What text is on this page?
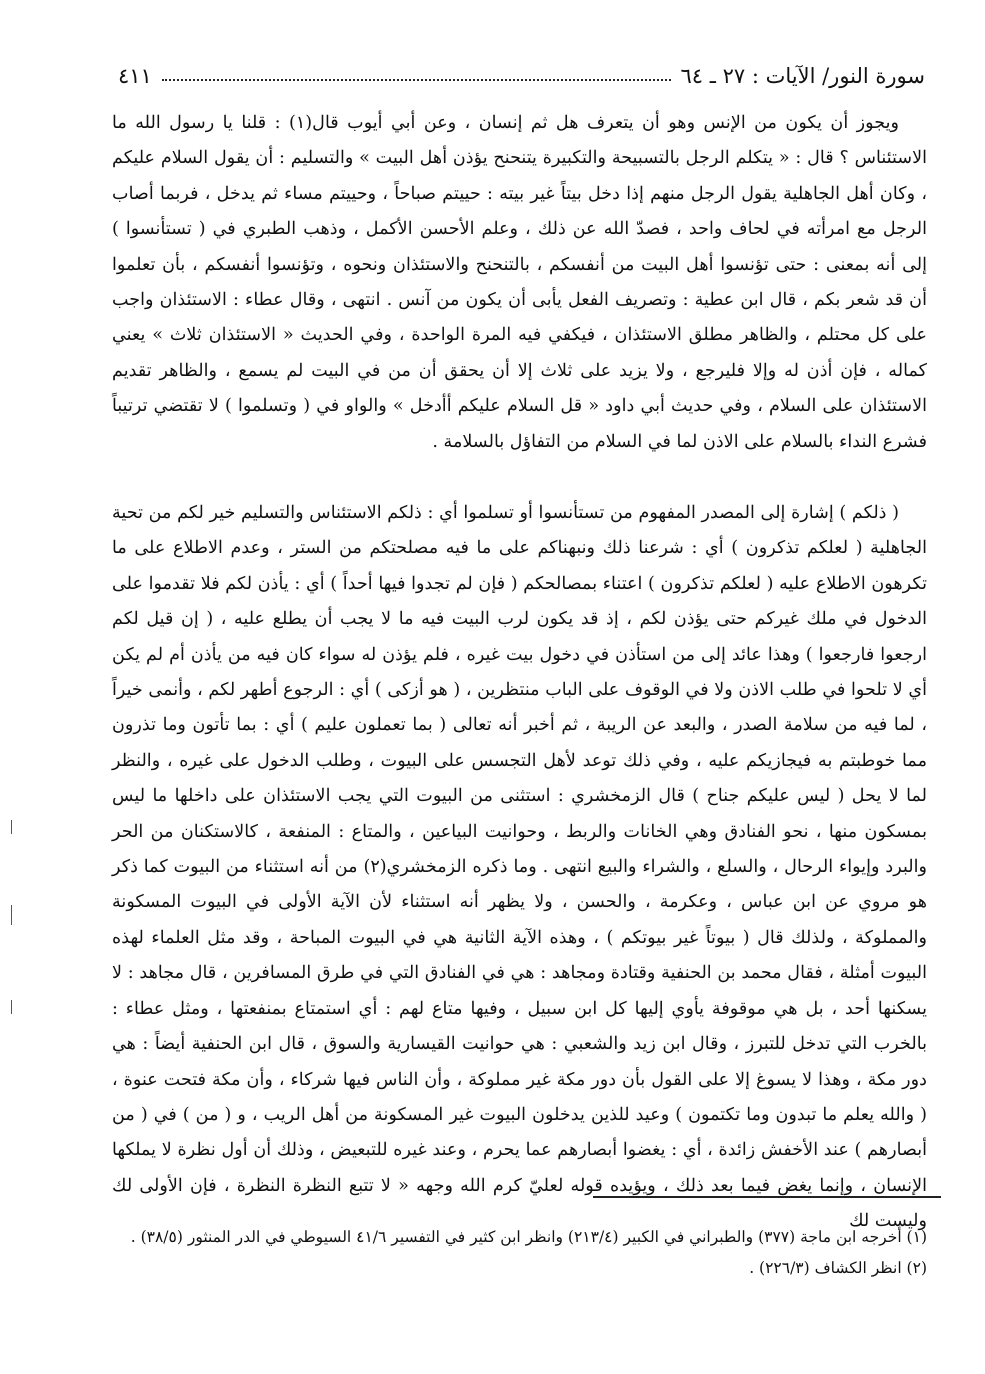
سورة النور/ الآيات : ٢٧ ـ ٦٤
٤١١

ويجوز أن يكون من الإنس وهو أن يتعرف هل ثم إنسان ، وعن أبي أيوب قال(١) : قلنا يا رسول الله ما الاستئناس ؟ قال : « يتكلم الرجل بالتسبيحة والتكبيرة يتنحنح يؤذن أهل البيت » والتسليم : أن يقول السلام عليكم ، وكان أهل الجاهلية يقول الرجل منهم إذا دخل بيتاً غير بيته : حييتم صباحاً ، وحييتم مساء ثم يدخل ، فربما أصاب الرجل مع امرأته في لحاف واحد ، فصدّ الله عن ذلك ، وعلم الأحسن الأكمل ، وذهب الطبري في ( تستأنسوا ) إلى أنه بمعنى : حتى تؤنسوا أهل البيت من أنفسكم ، بالتنحنح والاستئذان ونحوه ، وتؤنسوا أنفسكم ، بأن تعلموا أن قد شعر بكم ، قال ابن عطية : وتصريف الفعل يأبى أن يكون من آنس . انتهى ، وقال عطاء : الاستئذان واجب على كل محتلم ، والظاهر مطلق الاستئذان ، فيكفي فيه المرة الواحدة ، وفي الحديث « الاستئذان ثلاث » يعني كماله ، فإن أذن له وإلا فليرجع ، ولا يزيد على ثلاث إلا أن يحقق أن من في البيت لم يسمع ، والظاهر تقديم الاستئذان على السلام ، وفي حديث أبي داود « قل السلام عليكم أأدخل » والواو في ( وتسلموا ) لا تقتضي ترتيباً فشرع النداء بالسلام على الاذن لما في السلام من التفاؤل بالسلامة .

( ذلكم ) إشارة إلى المصدر المفهوم من تستأنسوا أو تسلموا أي : ذلكم الاستئناس والتسليم خير لكم من تحية الجاهلية ( لعلكم تذكرون ) أي : شرعنا ذلك ونبهناكم على ما فيه مصلحتكم من الستر ، وعدم الاطلاع على ما تكرهون الاطلاع عليه ( لعلكم تذكرون ) اعتناء بمصالحكم ( فإن لم تجدوا فيها أحداً ) أي : يأذن لكم فلا تقدموا على الدخول في ملك غيركم حتى يؤذن لكم ، إذ قد يكون لرب البيت فيه ما لا يجب أن يطلع عليه ، ( إن قيل لكم ارجعوا فارجعوا ) وهذا عائد إلى من استأذن في دخول بيت غيره ، فلم يؤذن له سواء كان فيه من يأذن أم لم يكن أي لا تلحوا في طلب الاذن ولا في الوقوف على الباب منتظرين ، ( هو أزكى ) أي : الرجوع أطهر لكم ، وأنمى خيراً ، لما فيه من سلامة الصدر ، والبعد عن الريبة ، ثم أخبر أنه تعالى ( بما تعملون عليم ) أي : بما تأتون وما تذرون مما خوطبتم به فيجازيكم عليه ، وفي ذلك توعد لأهل التجسس على البيوت ، وطلب الدخول على غيره ، والنظر لما لا يحل ( ليس عليكم جناح ) قال الزمخشري : استثنى من البيوت التي يجب الاستئذان على داخلها ما ليس بمسكون منها ، نحو الفنادق وهي الخانات والربط ، وحوانيت البياعين ، والمتاع : المنفعة ، كالاستكنان من الحر والبرد وإيواء الرحال ، والسلع ، والشراء والبيع انتهى . وما ذكره الزمخشري(٢) من أنه استثناء من البيوت كما ذكر هو مروي عن ابن عباس ، وعكرمة ، والحسن ، ولا يظهر أنه استثناء لأن الآية الأولى في البيوت المسكونة والمملوكة ، ولذلك قال ( بيوتاً غير بيوتكم ) ، وهذه الآية الثانية هي في البيوت المباحة ، وقد مثل العلماء لهذه البيوت أمثلة ، فقال محمد بن الحنفية وقتادة ومجاهد : هي في الفنادق التي في طرق المسافرين ، قال مجاهد : لا يسكنها أحد ، بل هي موقوفة يأوي إليها كل ابن سبيل ، وفيها متاع لهم : أي استمتاع بمنفعتها ، ومثل عطاء : بالخرب التي تدخل للتبرز ، وقال ابن زيد والشعبي : هي حوانيت القيسارية والسوق ، قال ابن الحنفية أيضاً : هي دور مكة ، وهذا لا يسوغ إلا على القول بأن دور مكة غير مملوكة ، وأن الناس فيها شركاء ، وأن مكة فتحت عنوة ، ( والله يعلم ما تبدون وما تكتمون ) وعيد للذين يدخلون البيوت غير المسكونة من أهل الريب ، و ( من ) في ( من أبصارهم ) عند الأخفش زائدة ، أي : يغضوا أبصارهم عما يحرم ، وعند غيره للتبعيض ، وذلك أن أول نظرة لا يملكها الإنسان ، وإنما يغض فيما بعد ذلك ، ويؤيده قوله لعليّ كرم الله وجهه « لا تتبع النظرة النظرة ، فإن الأولى لك وليست لك

(١) أخرجه ابن ماجة (٣٧٧) والطبراني في الكبير (٢١٣/٤) وانظر ابن كثير في التفسير ٤١/٦ السيوطي في الدر المنثور (٣٨/٥) .
(٢) انظر الكشاف (٢٢٦/٣) .
